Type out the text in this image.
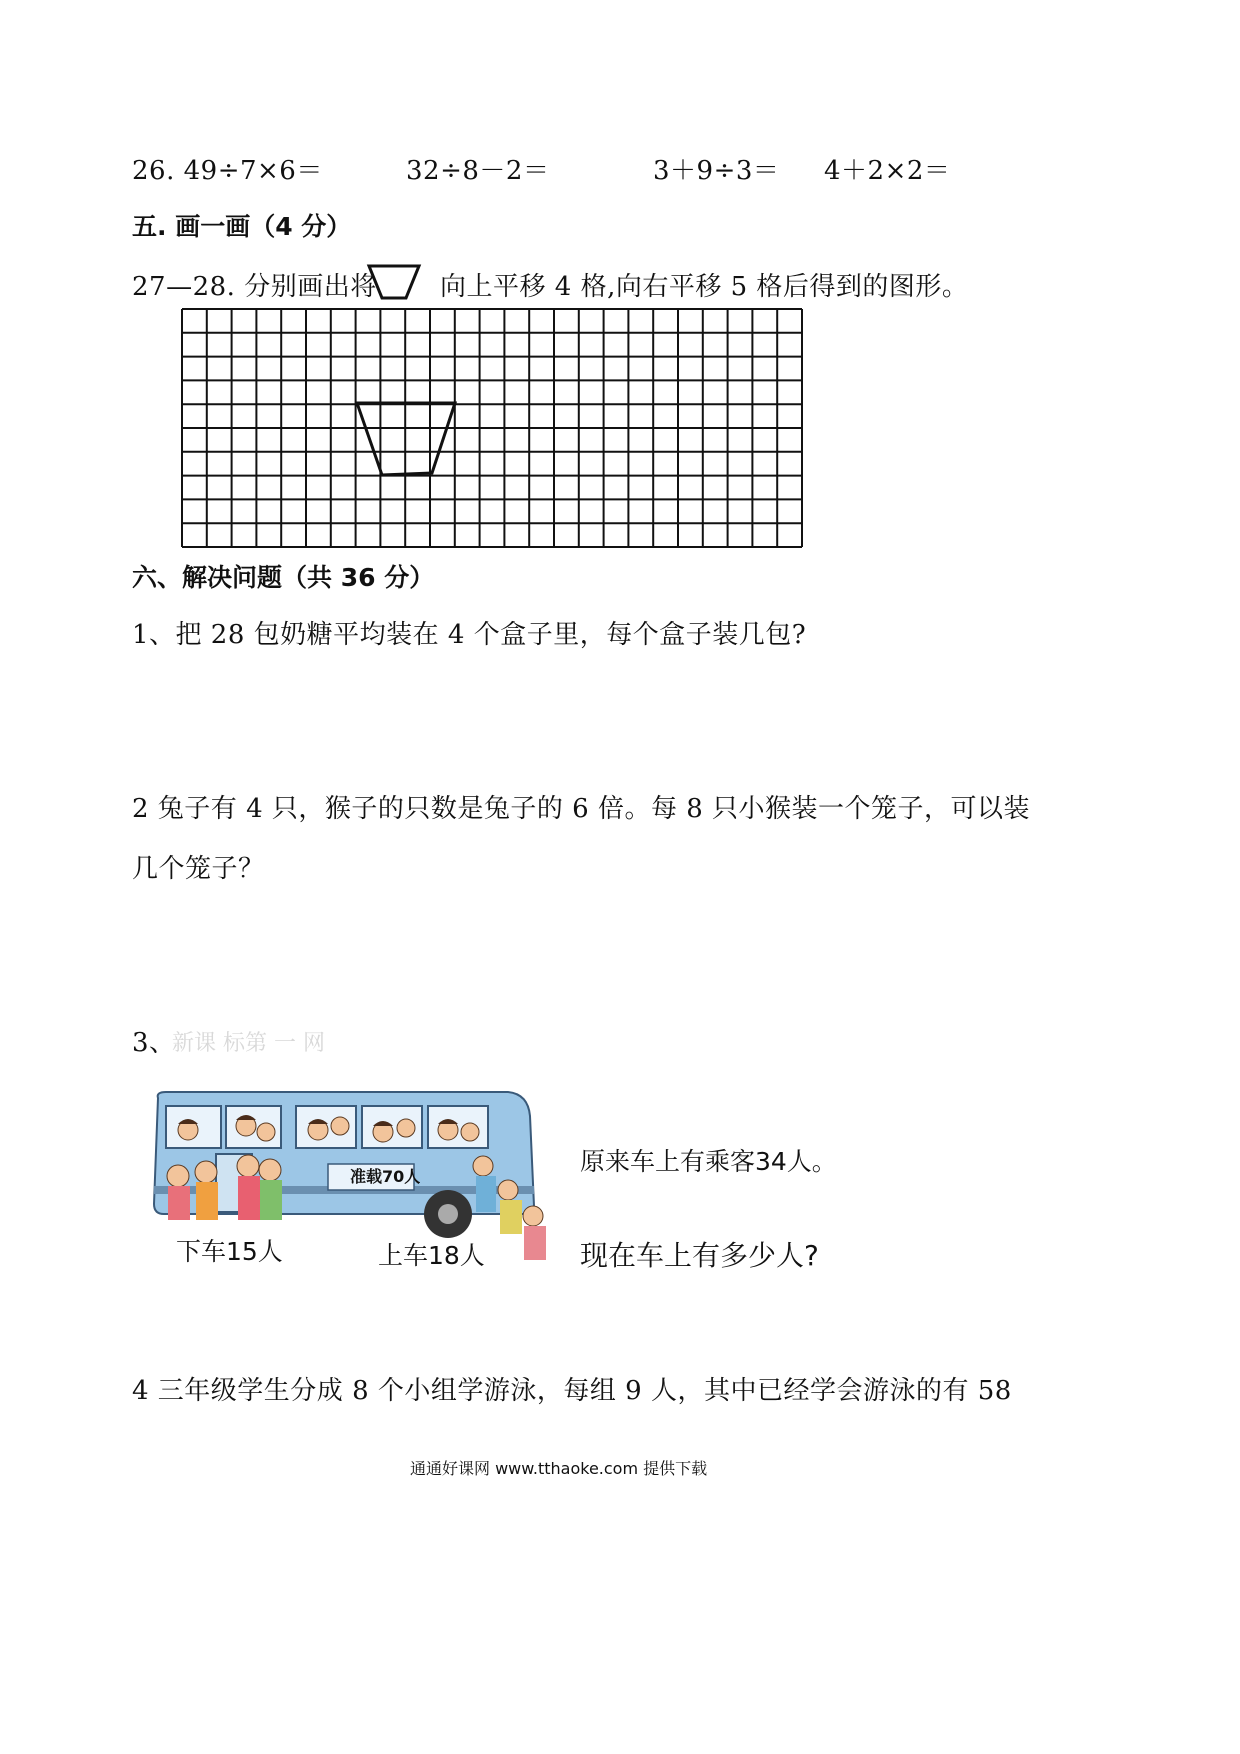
26. 49÷7×6＝	32÷8－2＝	3＋9÷3＝ 4＋2×2＝
五. 画一画（4 分）
27—28. 分别画出将 向上平移 4 格,向右平移 5 格后得到的图形。
六、解决问题（共 36 分）
1、把 28 包奶糖平均装在 4 个盒子里，每个盒子装几包?
2 兔子有 4 只，猴子的只数是兔子的 6 倍。每 8 只小猴装一个笼子，可以装
几个笼子？
3、
新课 标第 一 网
准载70人
下车15人	上车18人
原来车上有乘客34人。
现在车上有多少人?
4 三年级学生分成 8 个小组学游泳，每组 9 人，其中已经学会游泳的有 58
通通好课网 www.tthaoke.com 提供下载
